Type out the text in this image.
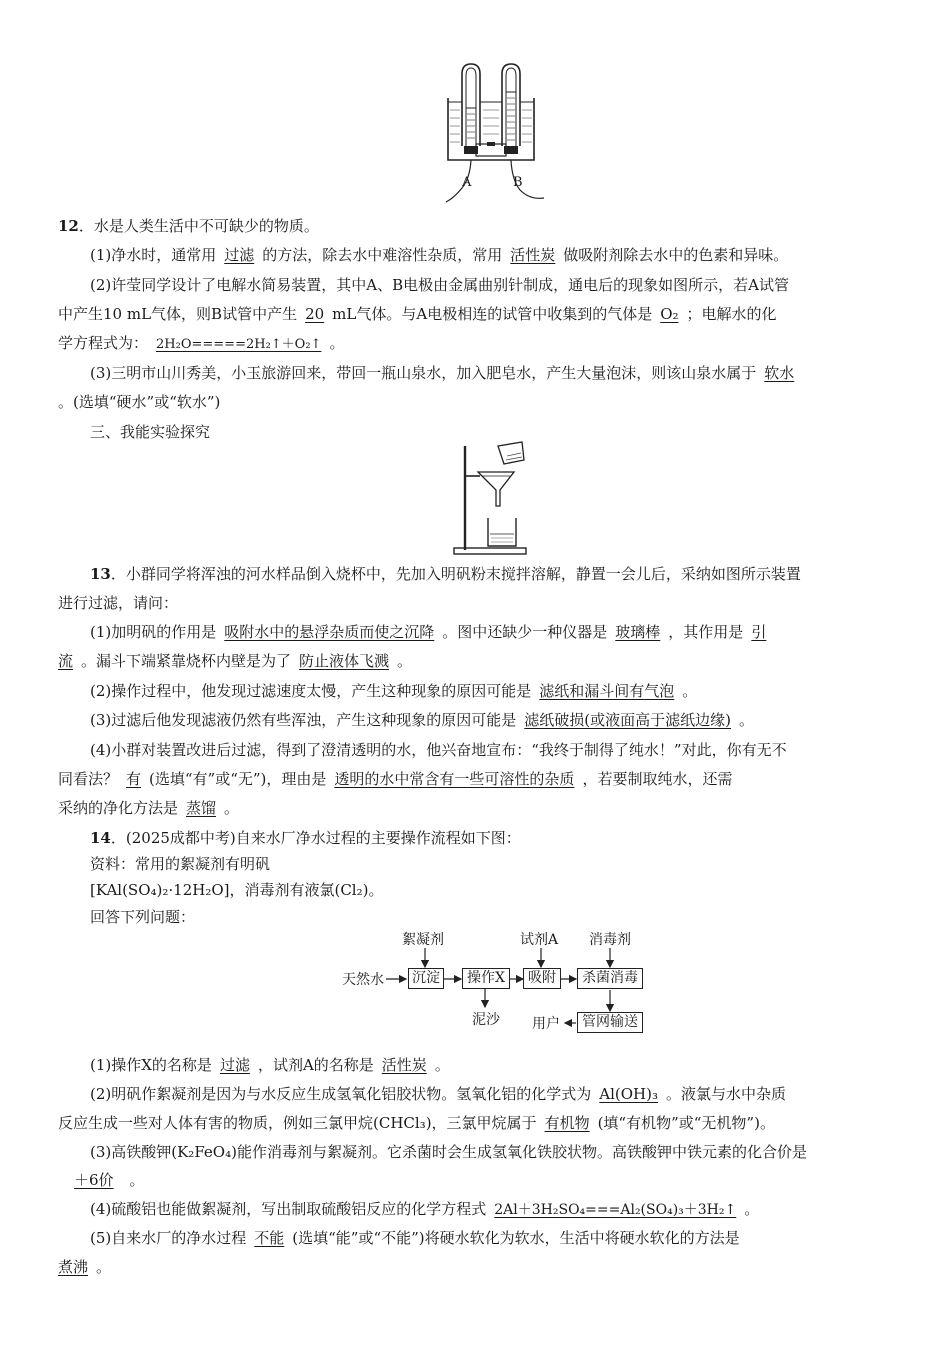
A	B
12．水是人类生活中不可缺少的物质。
(1)净水时，通常用 过滤 的方法，除去水中难溶性杂质，常用 活性炭 做吸附剂除去水中的色素和异味。
(2)许莹同学设计了电解水简易装置，其中A、B电极由金属曲别针制成，通电后的现象如图所示，若A试管
中产生10 mL气体，则B试管中产生 20 mL气体。与A电极相连的试管中收集到的气体是 O₂ ；电解水的化
学方程式为： 2H₂O=====2H₂↑＋O₂↑ 。
(3)三明市山川秀美，小玉旅游回来，带回一瓶山泉水，加入肥皂水，产生大量泡沫，则该山泉水属于 软水
。(选填“硬水”或“软水”)
三、我能实验探究
13．小群同学将浑浊的河水样品倒入烧杯中，先加入明矾粉末搅拌溶解，静置一会儿后，采纳如图所示装置
进行过滤，请问：
(1)加明矾的作用是 吸附水中的悬浮杂质而使之沉降 。图中还缺少一种仪器是 玻璃棒 ，其作用是 引
流 。漏斗下端紧靠烧杯内壁是为了 防止液体飞溅 。
(2)操作过程中，他发现过滤速度太慢，产生这种现象的原因可能是 滤纸和漏斗间有气泡 。
(3)过滤后他发现滤液仍然有些浑浊，产生这种现象的原因可能是 滤纸破损(或液面高于滤纸边缘) 。
(4)小群对装置改进后过滤，得到了澄清透明的水，他兴奋地宣布：“我终于制得了纯水！”对此，你有无不
同看法？ 有 (选填“有”或“无”)，理由是 透明的水中常含有一些可溶性的杂质 ，若要制取纯水，还需
采纳的净化方法是 蒸馏 。
14．(2025成都中考)自来水厂净水过程的主要操作流程如下图：
资料：常用的絮凝剂有明矾
[KAl(SO₄)₂·12H₂O]，消毒剂有液氯(Cl₂)。
回答下列问题：
絮凝剂	试剂A 消毒剂
天然水 沉淀	操作X	吸附	杀菌消毒
泥沙 用户	管网输送
(1)操作X的名称是 过滤 ，试剂A的名称是 活性炭 。
(2)明矾作絮凝剂是因为与水反应生成氢氧化铝胶状物。氢氧化铝的化学式为 Al(OH)₃ 。液氯与水中杂质
反应生成一些对人体有害的物质，例如三氯甲烷(CHCl₃)，三氯甲烷属于 有机物 (填“有机物”或“无机物”)。
(3)高铁酸钾(K₂FeO₄)能作消毒剂与絮凝剂。它杀菌时会生成氢氧化铁胶状物。高铁酸钾中铁元素的化合价是
＋6价 。
(4)硫酸铝也能做絮凝剂，写出制取硫酸铝反应的化学方程式 2Al＋3H₂SO₄===Al₂(SO₄)₃＋3H₂↑ 。
(5)自来水厂的净水过程 不能 (选填“能”或“不能”)将硬水软化为软水，生活中将硬水软化的方法是
煮沸 。
